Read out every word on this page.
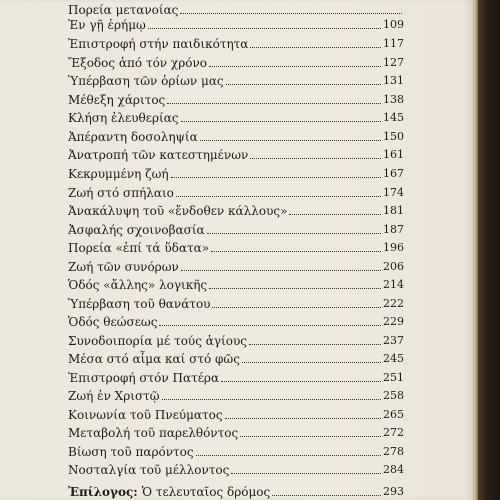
Πορεία μετανοίας
Ἐν γῇ ἐρήμῳ	109
Ἐπιστροφή στήν παιδικότητα	117
Ἔξοδος ἀπό τόν χρόνο	127
Ὑπέρβαση τῶν ὁρίων μας	131
Μέθεξη χάριτος	138
Κλήση ἐλευθερίας	145
Ἀπέραντη δοσοληψία	150
Ἀνατροπή τῶν κατεστημένων	161
Κεκρυμμένη ζωή	167
Ζωή στό σπήλαιο	174
Ἀνακάλυψη τοῦ «ἔνδοθεν κάλλους»	181
Ἀσφαλής σχοινοβασία	187
Πορεία «ἐπί τά ὕδατα»	196
Ζωή τῶν συνόρων	206
Ὁδός «ἄλλης» λογικῆς	214
Ὑπέρβαση τοῦ θανάτου	222
Ὁδός θεώσεως	229
Συνοδοιπορία μέ τούς ἁγίους	237
Μέσα στό αἷμα καί στό φῶς	245
Ἐπιστροφή στόν Πατέρα	251
Ζωή ἐν Χριστῷ	258
Κοινωνία τοῦ Πνεύματος	265
Μεταβολή τοῦ παρελθόντος	272
Βίωση τοῦ παρόντος	278
Νοσταλγία τοῦ μέλλοντος	284
Ἐπίλογος: Ὁ τελευταῖος δρόμος	293
